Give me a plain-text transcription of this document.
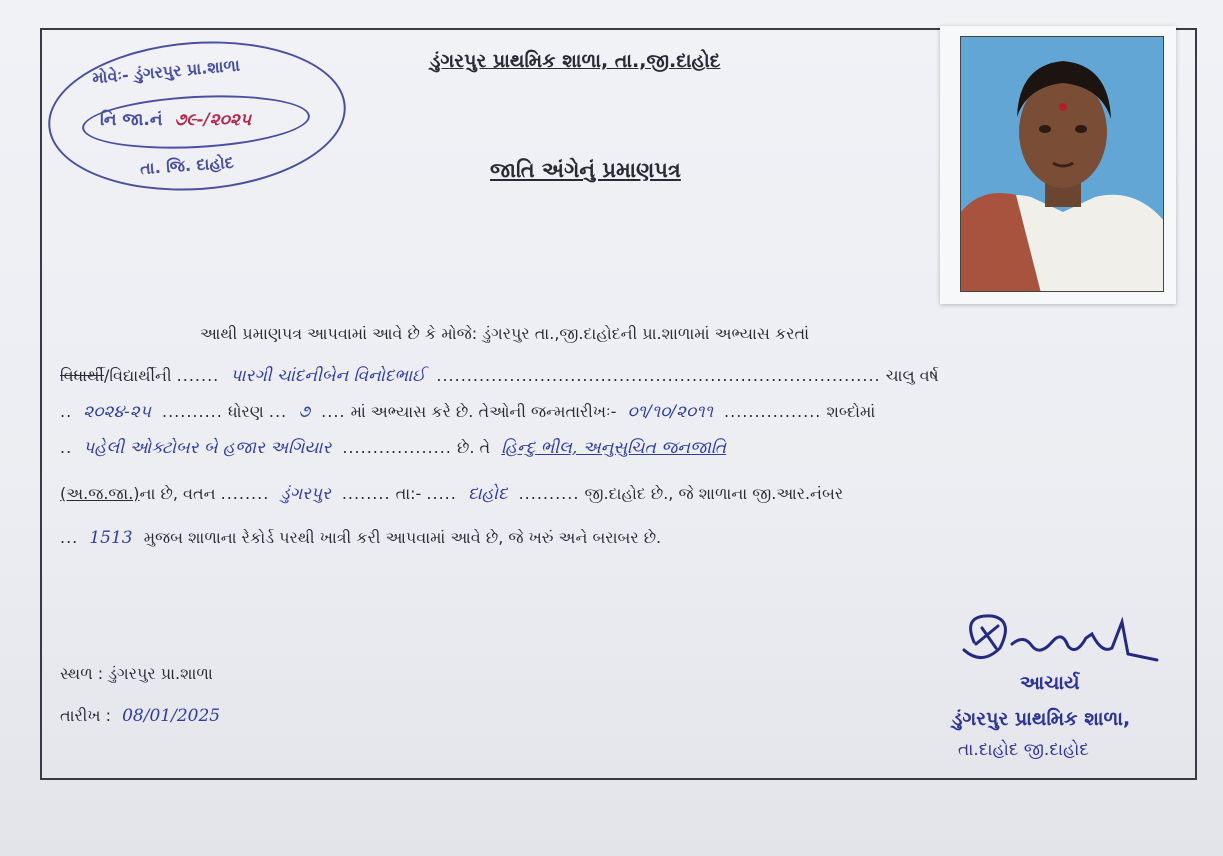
મોવેઃ- ડુંગરપુર પ્રા.શાળા
નિ જા.નં ૭૯-/૨૦૨૫
તા. જિ. દાહોદ
ડુંગરપુર પ્રાથમિક શાળા, તા.,જી.દાહોદ
જાતિ અંગેનું પ્રમાણપત્ર
આથી પ્રમાણપત્ર આપવામાં આવે છે કે મોજે: ડુંગરપુર તા.,જી.દાહોદની પ્રા.શાળામાં અભ્યાસ કરતાં
વિધાર્થી/વિદ્યાર્થીની ....... પારગી ચાંદનીબેન વિનોદભાઈ ......................................................................... ચાલુ વર્ષ
.. ૨૦૨૪-૨૫ .......... ધોરણ ... ૭ .... માં અભ્યાસ કરે છે. તેઓની જન્મતારીખઃ- ૦૧/૧૦/૨૦૧૧ ................ શબ્દોમાં
.. પહેલી ઓક્ટોબર બે હજાર અગિયાર .................. છે. તે હિન્દુ ભીલ, અનુસુચિત જનજાતિ
(અ.જ.જા.)ના છે, વતન ........ ડુંગરપુર ........ તા:- ..... દાહોદ .......... જી.દાહોદ છે., જે શાળાના જી.આર.નંબર
... 1513 મુજબ શાળાના રેકોર્ડ પરથી ખાત્રી કરી આપવામાં આવે છે, જે ખરું અને બરાબર છે.
સ્થળ : ડુંગરપુર પ્રા.શાળા
તારીખ : 08/01/2025
આચાર્ય
ડુંગરપુર પ્રાથમિક શાળા,
તા.દાહોદ જી.દાહોદ
